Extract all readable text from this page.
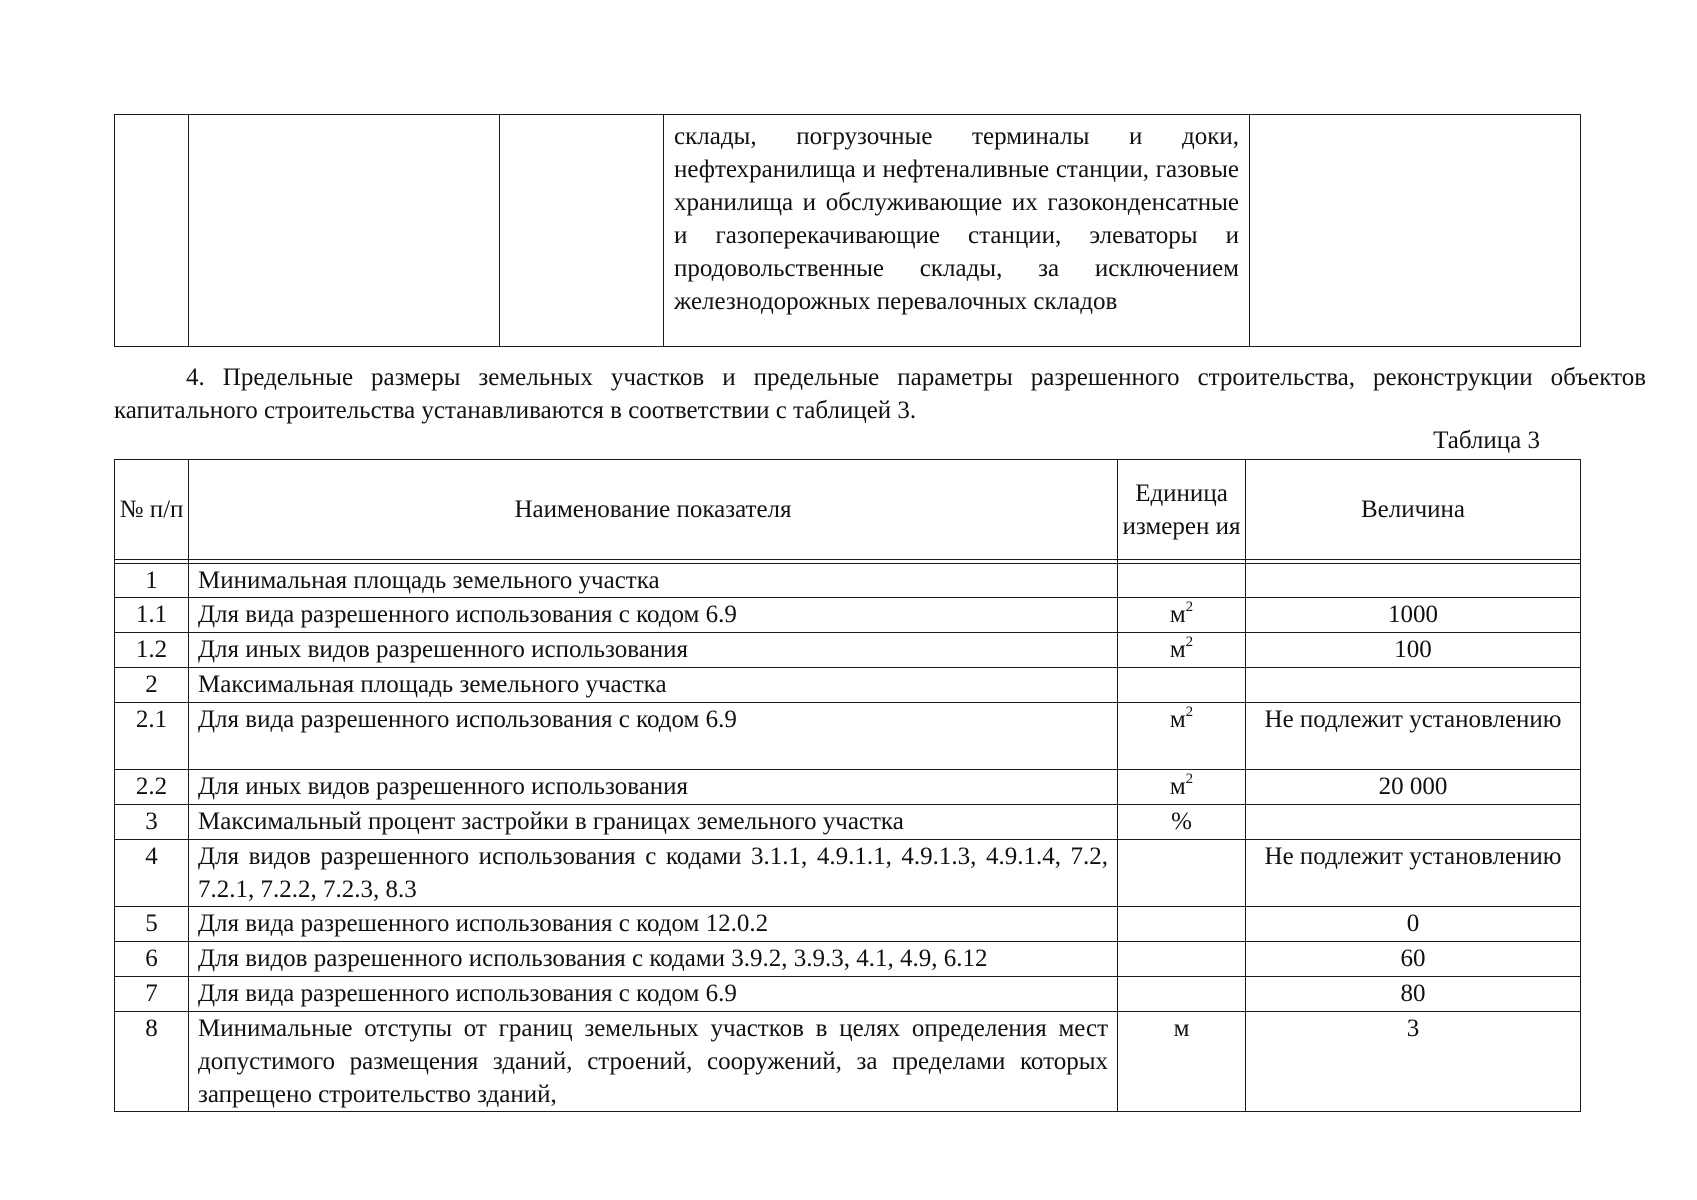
			склады, погрузочные терминалы и доки, нефтехранилища и нефтеналивные станции, газовые хранилища и обслуживающие их газоконденсатные и газоперекачивающие станции, элеваторы и продовольственные склады, за исключением железнодорожных перевалочных складов	
4. Предельные размеры земельных участков и предельные параметры разрешенного строительства, реконструкции объектов капитального строительства устанавливаются в соответствии с таблицей 3.
Таблица 3
№ п/п	Наименование показателя	Единица измерен ия	Величина

1	Минимальная площадь земельного участка		
1.1	Для вида разрешенного использования с кодом 6.9	$м^2$	1000
1.2	Для иных видов разрешенного использования	$м^2$	100
2	Максимальная площадь земельного участка		
2.1	Для вида разрешенного использования с кодом 6.9	$м^2$	Не подлежит установлению
2.2	Для иных видов разрешенного использования	$м^2$	20 000
3	Максимальный процент застройки в границах земельного участка	%	
4	Для видов разрешенного использования с кодами 3.1.1, 4.9.1.1, 4.9.1.3, 4.9.1.4, 7.2, 7.2.1, 7.2.2, 7.2.3, 8.3		Не подлежит установлению
5	Для вида разрешенного использования с кодом 12.0.2		0
6	Для видов разрешенного использования с кодами 3.9.2, 3.9.3, 4.1, 4.9, 6.12		60
7	Для вида разрешенного использования с кодом 6.9		80
8	Минимальные отступы от границ земельных участков в целях определения мест допустимого размещения зданий, строений, сооружений, за пределами которых запрещено строительство зданий,	м	3
